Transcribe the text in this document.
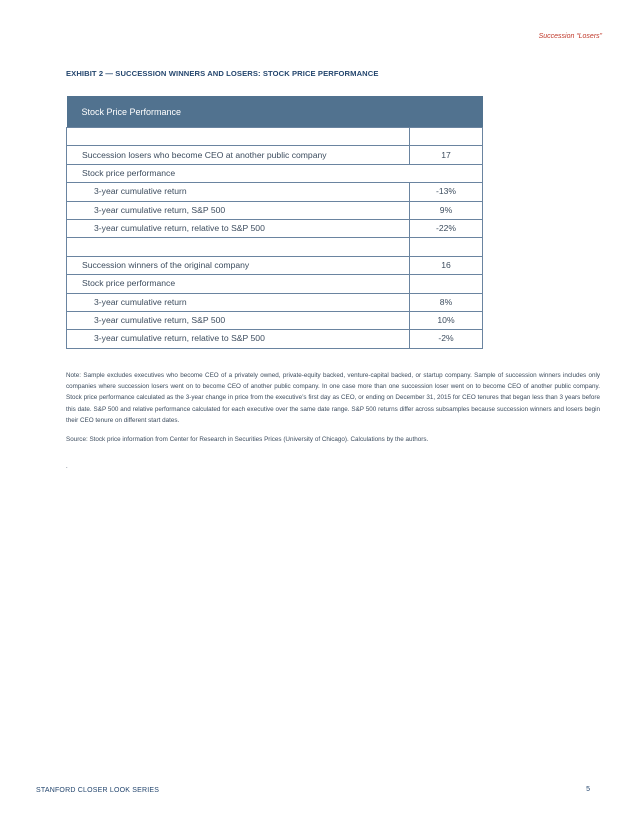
Succession “Losers”
EXHIBIT 2 — SUCCESSION WINNERS AND LOSERS: STOCK PRICE PERFORMANCE
Stock Price Performance	

Succession losers who become CEO at another public company	17
Stock price performance	
3-year cumulative return	-13%
3-year cumulative return, S&P 500	9%
3-year cumulative return, relative to S&P 500	-22%

Succession winners of the original company	16
Stock price performance	
3-year cumulative return	8%
3-year cumulative return, S&P 500	10%
3-year cumulative return, relative to S&P 500	-2%

Note: Sample excludes executives who become CEO of a privately owned, private-equity backed, venture-capital backed, or startup company. Sample of succession winners includes only companies where succession losers went on to become CEO of another public company. In one case more than one succession loser went on to become CEO of another public company. Stock price performance calculated as the 3-year change in price from the executive’s first day as CEO, or ending on December 31, 2015 for CEO tenures that began less than 3 years before this date. S&P 500 and relative performance calculated for each executive over the same date range. S&P 500 returns differ across subsamples because succession winners and losers begin their CEO tenure on different start dates.

Source: Stock price information from Center for Research in Securities Prices (University of Chicago). Calculations by the authors.

.
STANFORD CLOSER LOOK SERIES	5
